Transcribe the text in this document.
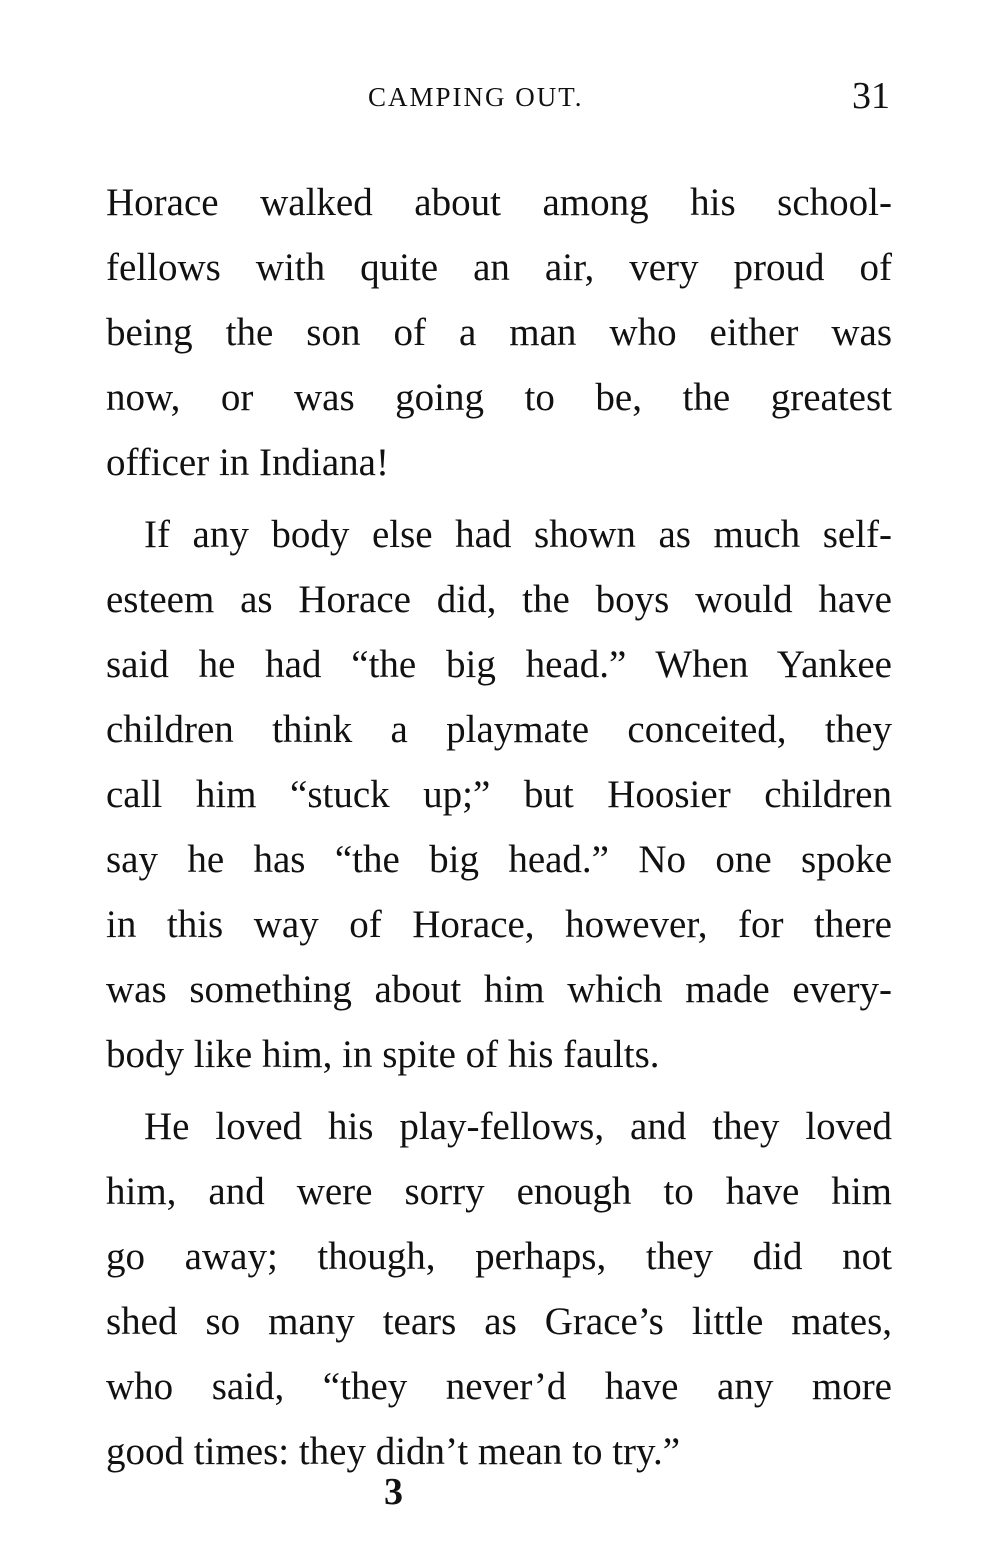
CAMPING OUT.	31
Horace walked about among his school-
fellows with quite an air, very proud of
being the son of a man who either was
now, or was going to be, the greatest
officer in Indiana!
If any body else had shown as much self-
esteem as Horace did, the boys would have
said he had “the big head.” When Yankee
children think a playmate conceited, they
call him “stuck up;” but Hoosier children
say he has “the big head.” No one spoke
in this way of Horace, however, for there
was something about him which made every-
body like him, in spite of his faults.
He loved his play-fellows, and they loved
him, and were sorry enough to have him
go away; though, perhaps, they did not
shed so many tears as Grace’s little mates,
who said, “they never’d have any more
good times: they didn’t mean to try.”
3
